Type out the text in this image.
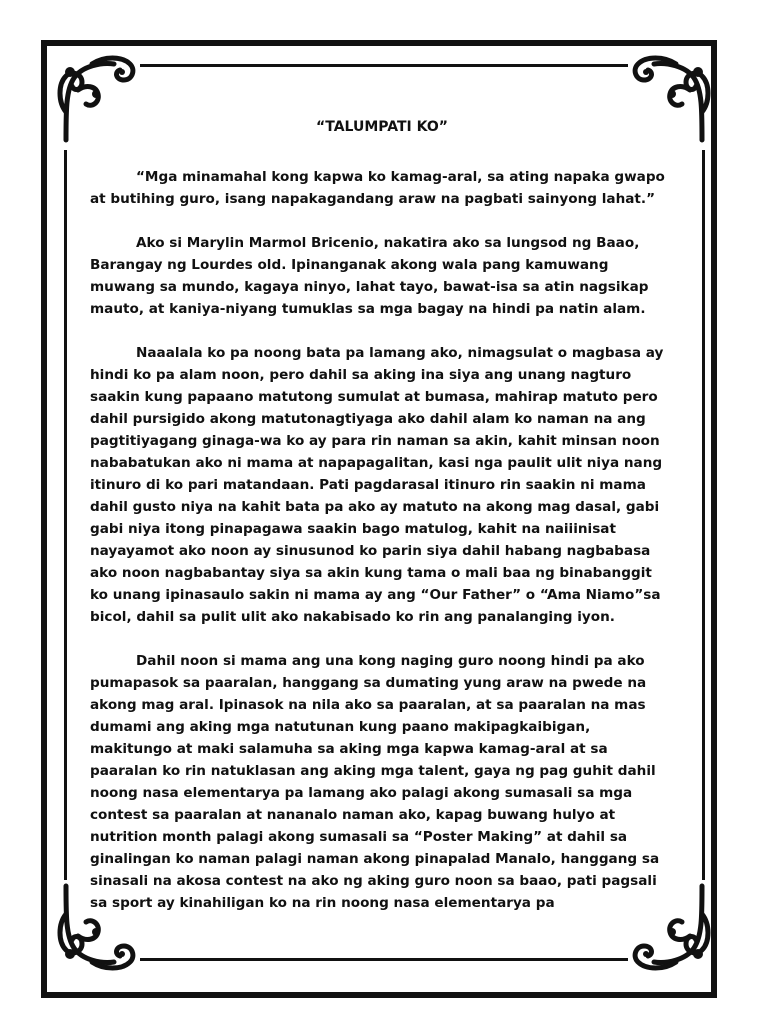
“TALUMPATI KO”

“Mga minamahal kong kapwa ko kamag-aral, sa ating napaka gwapo at butihing guro, isang napakagandang araw na pagbati sainyong lahat.”

Ako si Marylin Marmol Bricenio, nakatira ako sa lungsod ng Baao, Barangay ng Lourdes old. Ipinanganak akong wala pang kamuwang muwang sa mundo, kagaya ninyo, lahat tayo, bawat-isa sa atin nagsikap mauto, at kaniya-niyang tumuklas sa mga bagay na hindi pa natin alam.

Naaalala ko pa noong bata pa lamang ako, nimagsulat o magbasa ay hindi ko pa alam noon, pero dahil sa aking ina siya ang unang nagturo saakin kung papaano matutong sumulat at bumasa, mahirap matuto pero dahil pursigido akong matutonagtiyaga ako dahil alam ko naman na ang pagtitiyagang ginaga-wa ko ay para rin naman sa akin, kahit minsan noon nababatukan ako ni mama at napapagalitan, kasi nga paulit ulit niya nang itinuro di ko pari matandaan. Pati pagdarasal itinuro rin saakin ni mama dahil gusto niya na kahit bata pa ako ay matuto na akong mag dasal, gabi gabi niya itong pinapagawa saakin bago matulog, kahit na naiiinisat nayayamot ako noon ay sinusunod ko parin siya dahil habang nagbabasa ako noon nagbabantay siya sa akin kung tama o mali baa ng binabanggit ko unang ipinasaulo sakin ni mama ay ang “Our Father” o “Ama Niamo”sa bicol, dahil sa pulit ulit ako nakabisado ko rin ang panalanging iyon.

Dahil noon si mama ang una kong naging guro noong hindi pa ako pumapasok sa paaralan, hanggang sa dumating yung araw na pwede na akong mag aral. Ipinasok na nila ako sa paaralan, at sa paaralan na mas dumami ang aking mga natutunan kung paano makipagkaibigan, makitungo at maki salamuha sa aking mga kapwa kamag-aral at sa paaralan ko rin natuklasan ang aking mga talent, gaya ng pag guhit dahil noong nasa elementarya pa lamang ako palagi akong sumasali sa mga contest sa paaralan at nananalo naman ako, kapag buwang hulyo at nutrition month palagi akong sumasali sa “Poster Making” at dahil sa ginalingan ko naman palagi naman akong pinapalad Manalo, hanggang sa sinasali na akosa contest na ako ng aking guro noon sa baao, pati pagsali sa sport ay kinahiligan ko na rin noong nasa elementarya pa
